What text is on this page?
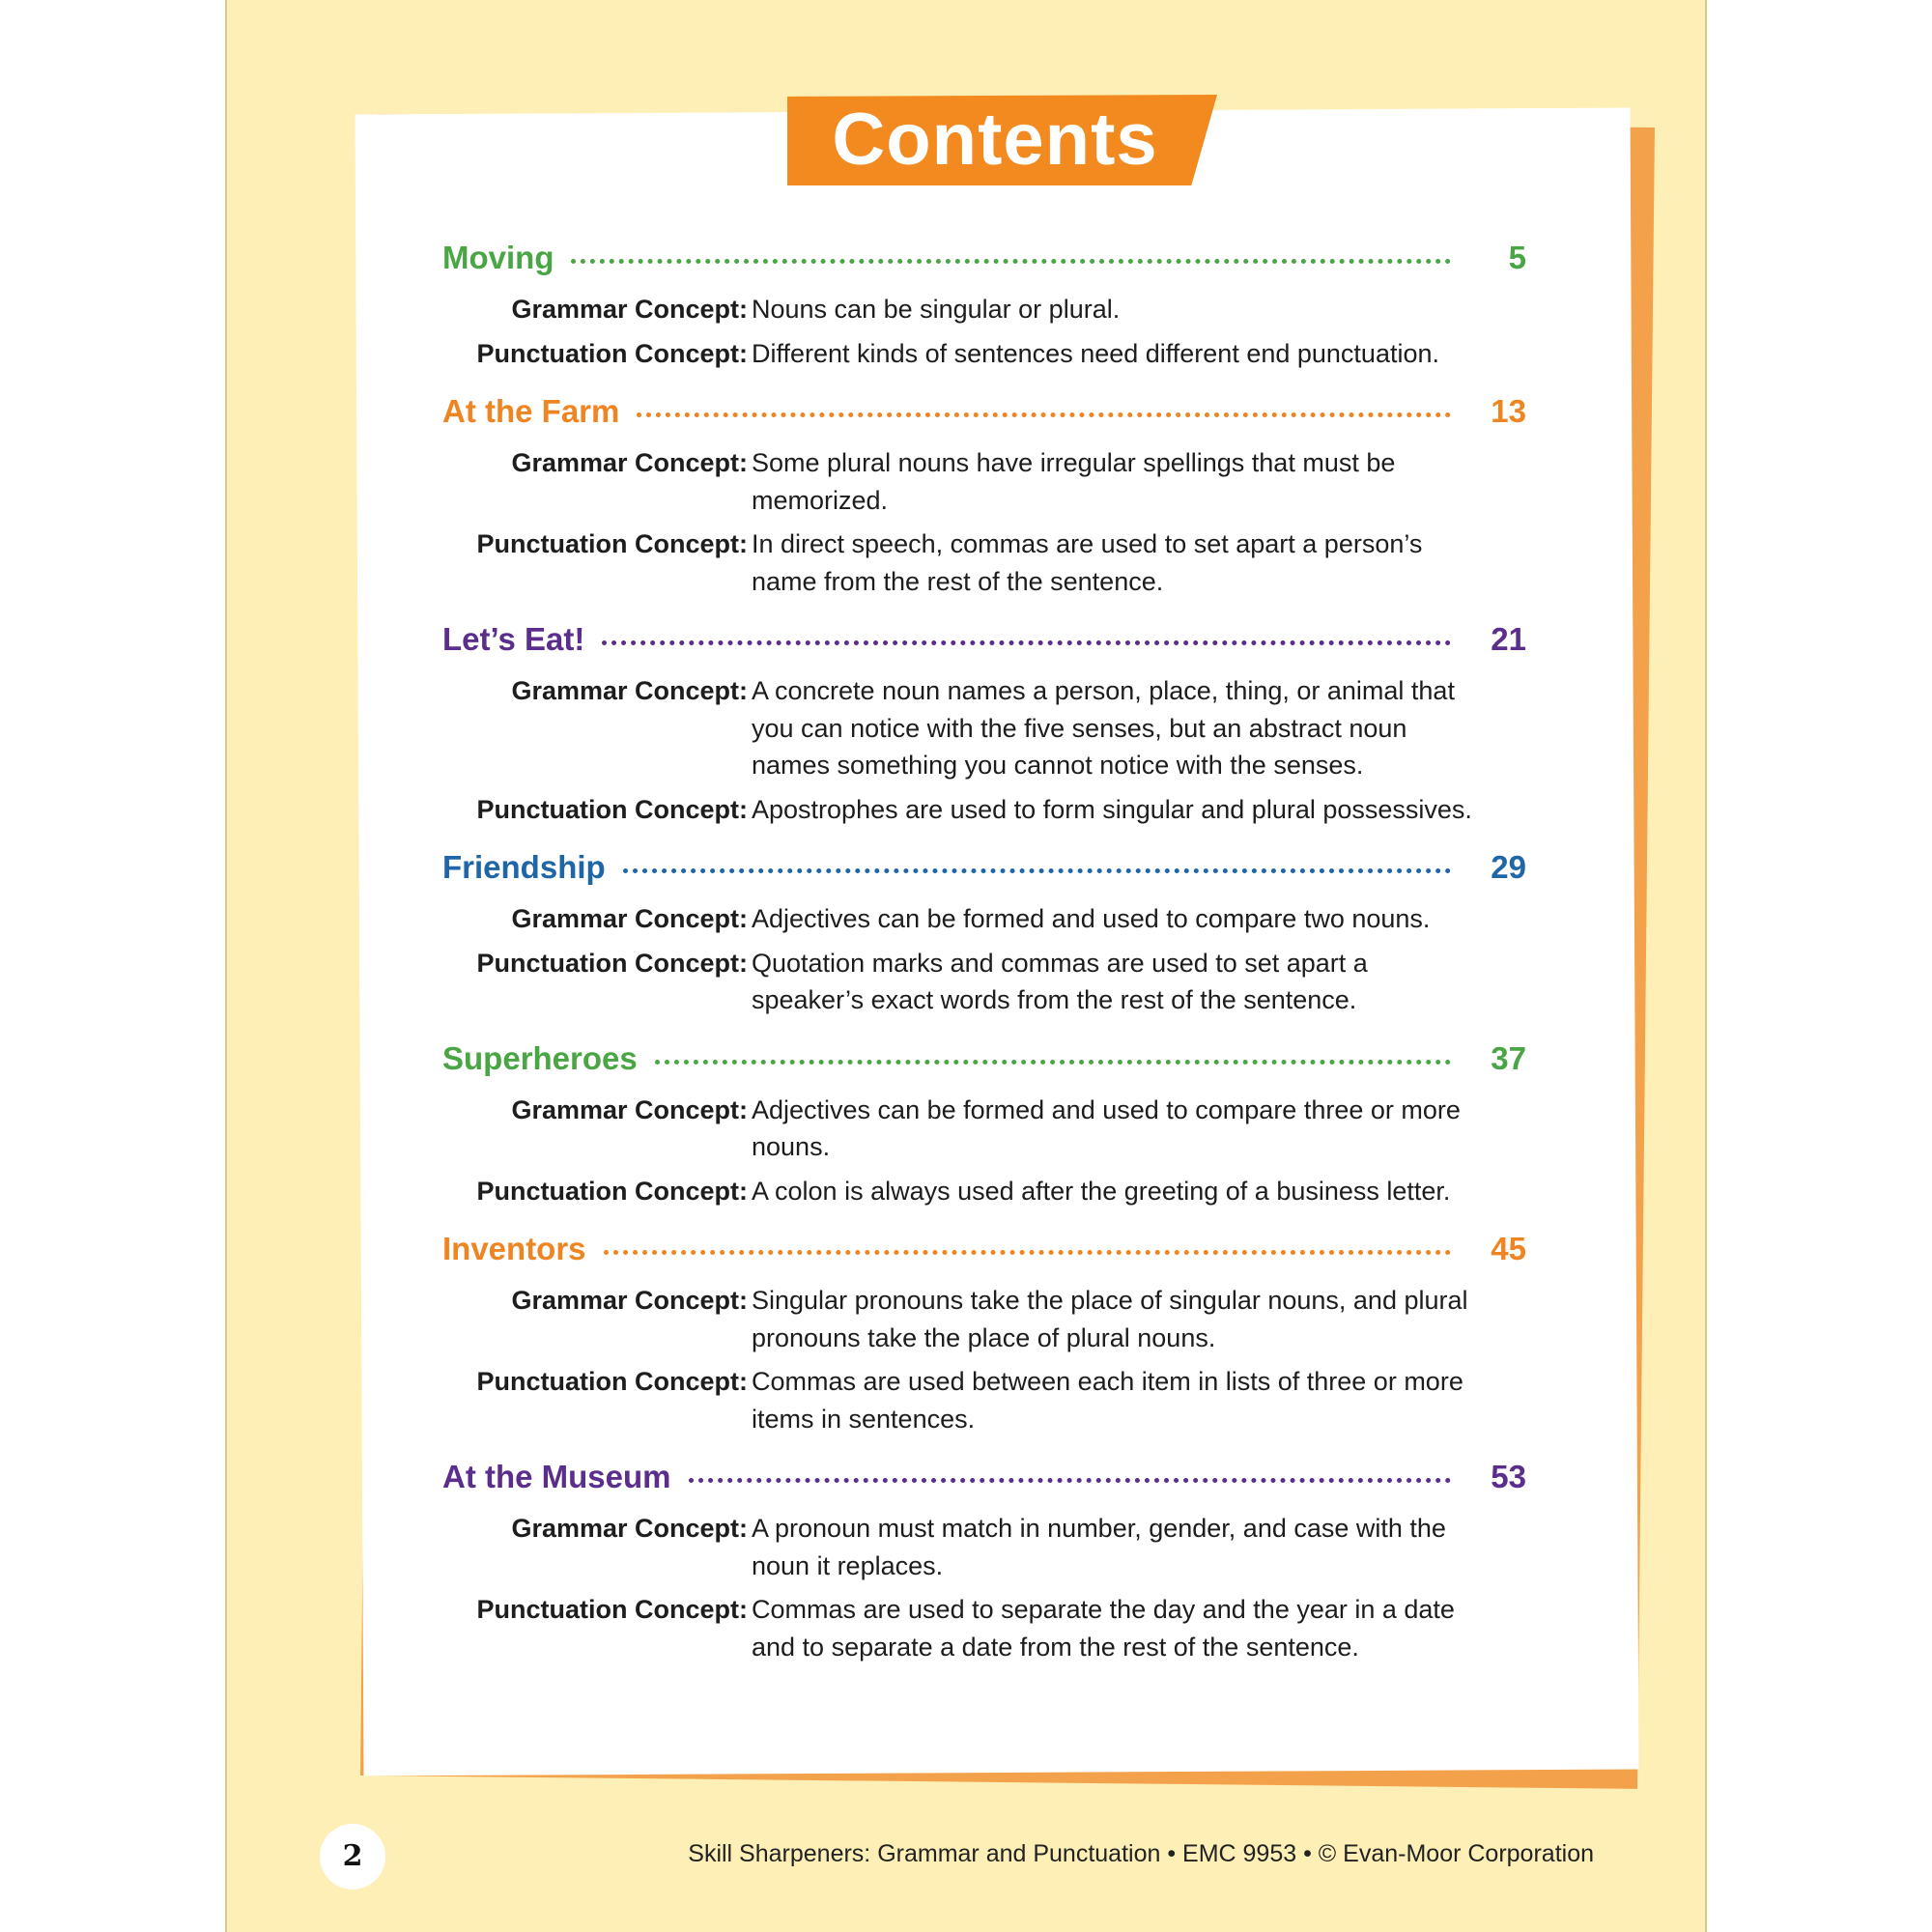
Contents
Moving	5
Grammar Concept: Nouns can be singular or plural.
Punctuation Concept: Different kinds of sentences need different end punctuation.
At the Farm	13
Grammar Concept: Some plural nouns have irregular spellings that must be memorized.
Punctuation Concept: In direct speech, commas are used to set apart a person’s name from the rest of the sentence.
Let’s Eat!	21
Grammar Concept: A concrete noun names a person, place, thing, or animal that you can notice with the five senses, but an abstract noun names something you cannot notice with the senses.
Punctuation Concept: Apostrophes are used to form singular and plural possessives.
Friendship	29
Grammar Concept: Adjectives can be formed and used to compare two nouns.
Punctuation Concept: Quotation marks and commas are used to set apart a speaker’s exact words from the rest of the sentence.
Superheroes	37
Grammar Concept: Adjectives can be formed and used to compare three or more nouns.
Punctuation Concept: A colon is always used after the greeting of a business letter.
Inventors	45
Grammar Concept: Singular pronouns take the place of singular nouns, and plural pronouns take the place of plural nouns.
Punctuation Concept: Commas are used between each item in lists of three or more items in sentences.
At the Museum	53
Grammar Concept: A pronoun must match in number, gender, and case with the noun it replaces.
Punctuation Concept: Commas are used to separate the day and the year in a date and to separate a date from the rest of the sentence.
2	Skill Sharpeners: Grammar and Punctuation • EMC 9953 • © Evan-Moor Corporation
